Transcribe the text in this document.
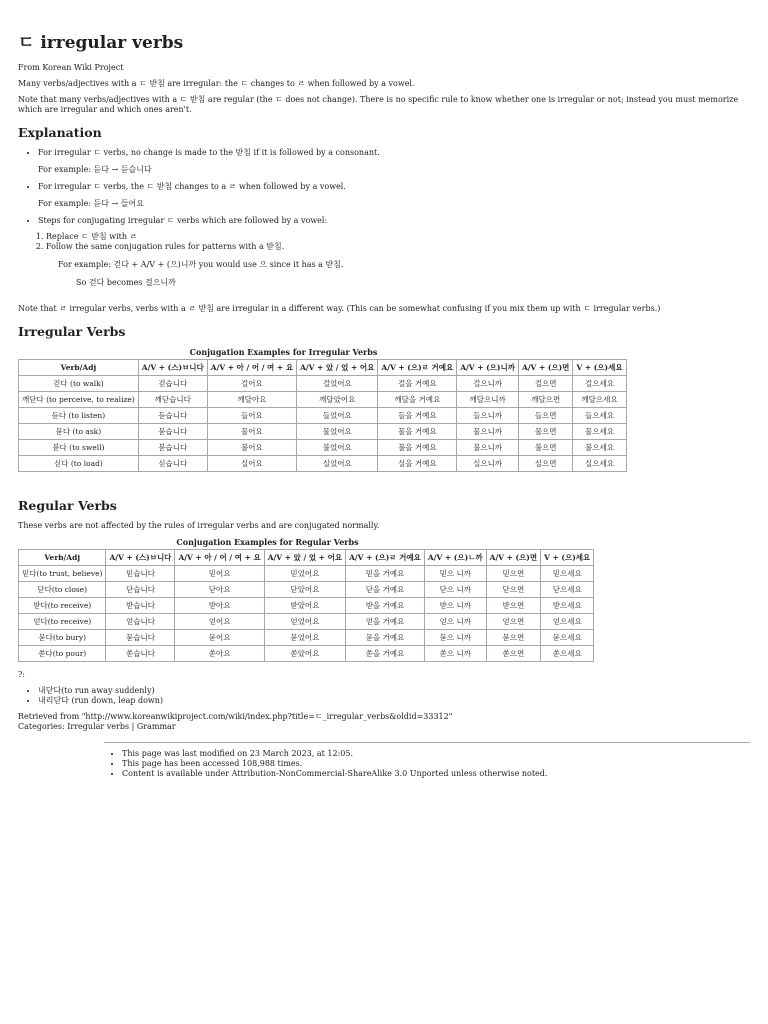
ㄷ irregular verbs

From Korean Wiki Project

Many verbs/adjectives with a ㄷ 받침 are irregular: the ㄷ changes to ㄹ when followed by a vowel.

Note that many verbs/adjectives with a ㄷ 받침 are regular (the ㄷ does not change). There is no specific rule to know whether one is irregular or not; instead you must memorize which are irregular and which ones aren't.

Explanation
• For irregular ㄷ verbs, no change is made to the 받침 if it is followed by a consonant.

For example: 듣다 → 듣습니다

• For irregular ㄷ verbs, the ㄷ 받침 changes to a ㄹ when followed by a vowel.

For example: 듣다 → 들어요

• Steps for conjugating irregular ㄷ verbs which are followed by a vowel:
1. Replace ㄷ 받침 with ㄹ
2. Follow the same conjugation rules for patterns with a 받침.

For example: 걷다 + A/V + (으)니까 you would use 으 since it has a 받침.

So 걷다 becomes 걸으니까

Note that ㄹ irregular verbs, verbs with a ㄹ 받침 are irregular in a different way. (This can be somewhat confusing if you mix them up with ㄷ irregular verbs.)

Irregular Verbs
Conjugation Examples for Irregular Verbs
Verb/Adj	A/V + (스)ㅂ니다	A/V + 아 / 어 / 여 + 요	A/V + 았 / 었 + 어요	A/V + (으)ㄹ 거예요	A/V + (으)니까	A/V + (으)면	V + (으)세요
걷다 (to walk)	걷습니다	걸어요	걸었어요	걸을 거예요	걸으니까	걸으면	걸으세요
깨닫다 (to perceive, to realize)	깨닫습니다	깨달아요	깨달았어요	깨달을 거예요	깨달으니까	깨달으면	깨달으세요
듣다 (to listen)	듣습니다	들어요	들었어요	들을 거예요	들으니까	들으면	들으세요
묻다 (to ask)	묻습니다	물어요	물었어요	물을 거예요	물으니까	물으면	물으세요
붇다 (to swell)	붇습니다	불어요	불었어요	불을 거예요	불으니까	불으면	불으세요
싣다 (to load)	싣습니다	실어요	실었어요	실을 거예요	실으니까	실으면	실으세요
Regular Verbs

These verbs are not affected by the rules of irregular verbs and are conjugated normally.

Conjugation Examples for Regular Verbs
Verb/Adj	A/V + (스)ㅂ니다	A/V + 아 / 어 / 여 + 요	A/V + 았 / 었 + 어요	A/V + (으)ㄹ 거예요	A/V + (으)ㄴ까	A/V + (으)면	V + (으)세요
믿다(to trust, believe)	믿습니다	믿어요	믿었어요	믿을 거예요	믿으 니까	믿으면	믿으세요
닫다(to close)	닫습니다	닫아요	닫았어요	닫을 거예요	닫으 니까	닫으면	닫으세요
받다(to receive)	받습니다	받아요	받았어요	받을 거예요	받으 니까	받으면	받으세요
얻다(to receive)	얻습니다	얻어요	얻었어요	얻을 거예요	얻으 니까	얻으면	얻으세요
묻다(to bury)	묻습니다	묻어요	묻었어요	묻을 거예요	묻으 니까	묻으면	묻으세요
쏟다(to pour)	쏟습니다	쏟아요	쏟았어요	쏟을 거예요	쏟으 니까	쏟으면	쏟으세요

?:

• 내닫다(to run away suddenly)
• 내리닫다 (run down, leap down)

Retrieved from "http://www.koreanwikiproject.com/wiki/index.php?title=ㄷ_irregular_verbs&oldid=33312"

Categories: Irregular verbs | Grammar

• This page was last modified on 23 March 2023, at 12:05.
• This page has been accessed 108,988 times.
• Content is available under Attribution-NonCommercial-ShareAlike 3.0 Unported unless otherwise noted.
